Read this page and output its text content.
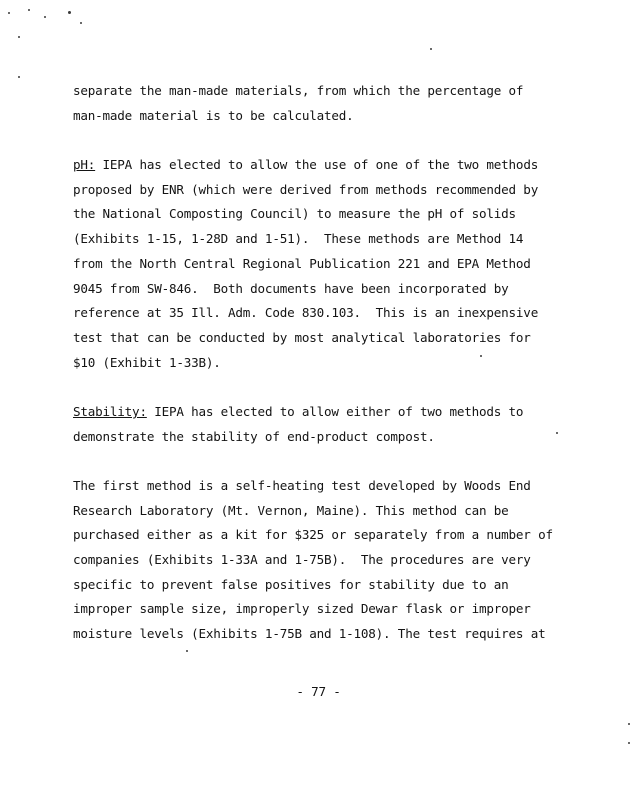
separate the man-made materials, from which the percentage of
man-made material is to be calculated.
pH: IEPA has elected to allow the use of one of the two methods
proposed by ENR (which were derived from methods recommended by
the National Composting Council) to measure the pH of solids
(Exhibits 1-15, 1-28D and 1-51).  These methods are Method 14
from the North Central Regional Publication 221 and EPA Method
9045 from SW-846.  Both documents have been incorporated by
reference at 35 Ill. Adm. Code 830.103.  This is an inexpensive
test that can be conducted by most analytical laboratories for
$10 (Exhibit 1-33B).
Stability: IEPA has elected to allow either of two methods to
demonstrate the stability of end-product compost.
The first method is a self-heating test developed by Woods End
Research Laboratory (Mt. Vernon, Maine). This method can be
purchased either as a kit for $325 or separately from a number of
companies (Exhibits 1-33A and 1-75B).  The procedures are very
specific to prevent false positives for stability due to an
improper sample size, improperly sized Dewar flask or improper
moisture levels (Exhibits 1-75B and 1-108). The test requires at
- 77 -
